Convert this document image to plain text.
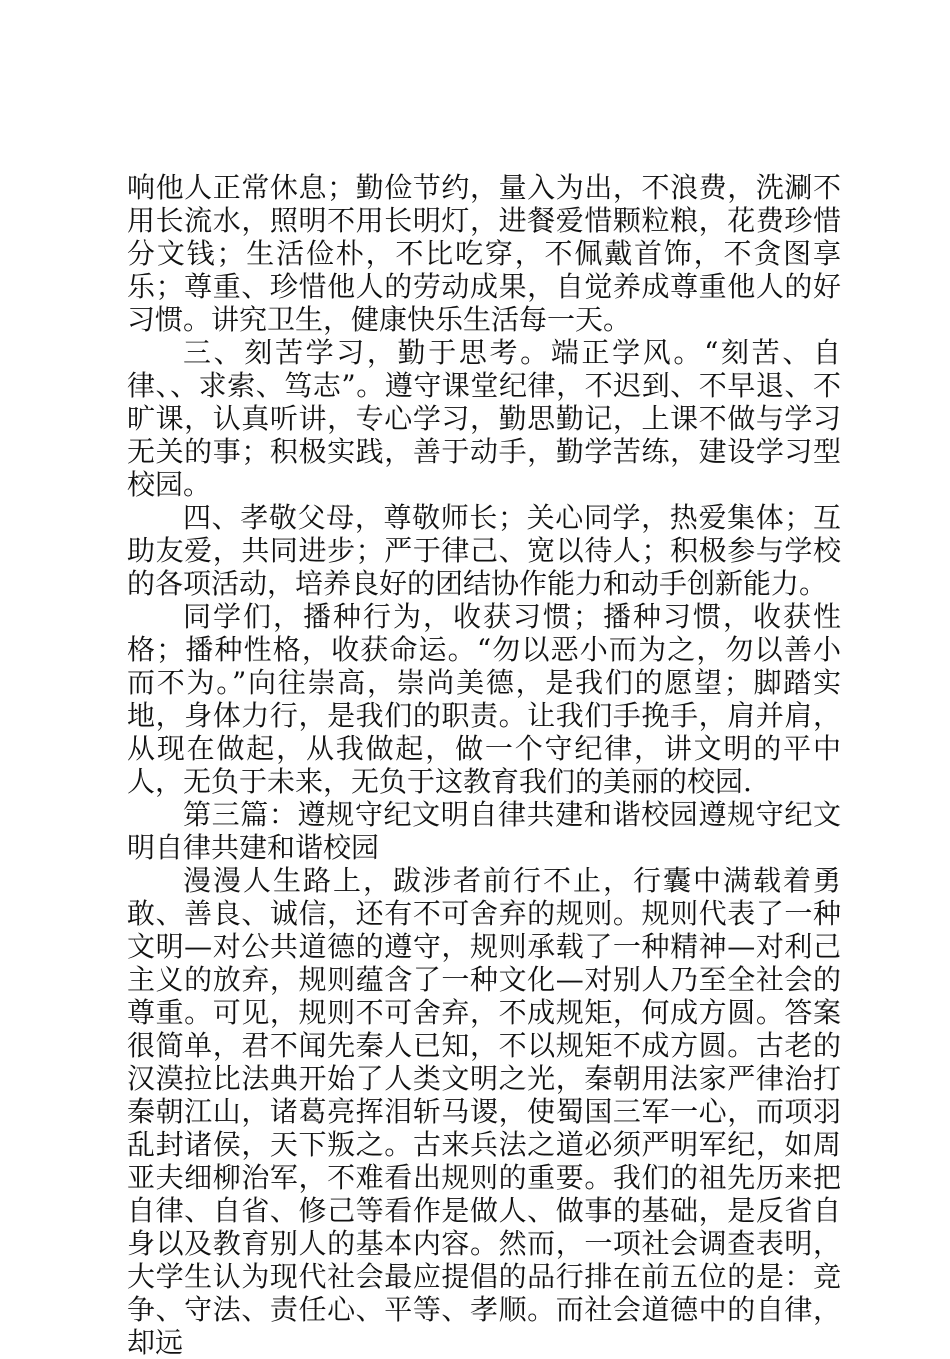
响他人正常休息；勤俭节约，量入为出，不浪费，洗涮不用长流水，照明不用长明灯，进餐爱惜颗粒粮，花费珍惜分文钱；生活俭朴，不比吃穿，不佩戴首饰，不贪图享乐；尊重、珍惜他人的劳动成果，自觉养成尊重他人的好习惯。讲究卫生，健康快乐生活每一天。

三、刻苦学习，勤于思考。端正学风。“刻苦、自律、、求索、笃志”。遵守课堂纪律，不迟到、不早退、不旷课，认真听讲，专心学习，勤思勤记，上课不做与学习无关的事；积极实践，善于动手，勤学苦练，建设学习型校园。

四、孝敬父母，尊敬师长；关心同学，热爱集体；互助友爱，共同进步；严于律己、宽以待人；积极参与学校的各项活动，培养良好的团结协作能力和动手创新能力。

同学们，播种行为，收获习惯；播种习惯，收获性格；播种性格，收获命运。“勿以恶小而为之，勿以善小而不为。”向往崇高，崇尚美德，是我们的愿望；脚踏实地，身体力行，是我们的职责。让我们手挽手，肩并肩，从现在做起，从我做起，做一个守纪律，讲文明的平中人，无负于未来，无负于这教育我们的美丽的校园.

第三篇：遵规守纪文明自律共建和谐校园遵规守纪文明自律共建和谐校园

漫漫人生路上，跋涉者前行不止，行囊中满载着勇敢、善良、诚信，还有不可舍弃的规则。规则代表了一种文明—对公共道德的遵守，规则承载了一种精神—对利己主义的放弃，规则蕴含了一种文化—对别人乃至全社会的尊重。可见，规则不可舍弃，不成规矩，何成方圆。答案很简单，君不闻先秦人已知，不以规矩不成方圆。古老的汉漠拉比法典开始了人类文明之光，秦朝用法家严律治打秦朝江山，诸葛亮挥泪斩马谡，使蜀国三军一心，而项羽乱封诸侯，天下叛之。古来兵法之道必须严明军纪，如周亚夫细柳治军，不难看出规则的重要。我们的祖先历来把自律、自省、修己等看作是做人、做事的基础，是反省自身以及教育别人的基本内容。然而，一项社会调查表明，大学生认为现代社会最应提倡的品行排在前五位的是：竞争、守法、责任心、平等、孝顺。而社会道德中的自律，却远
